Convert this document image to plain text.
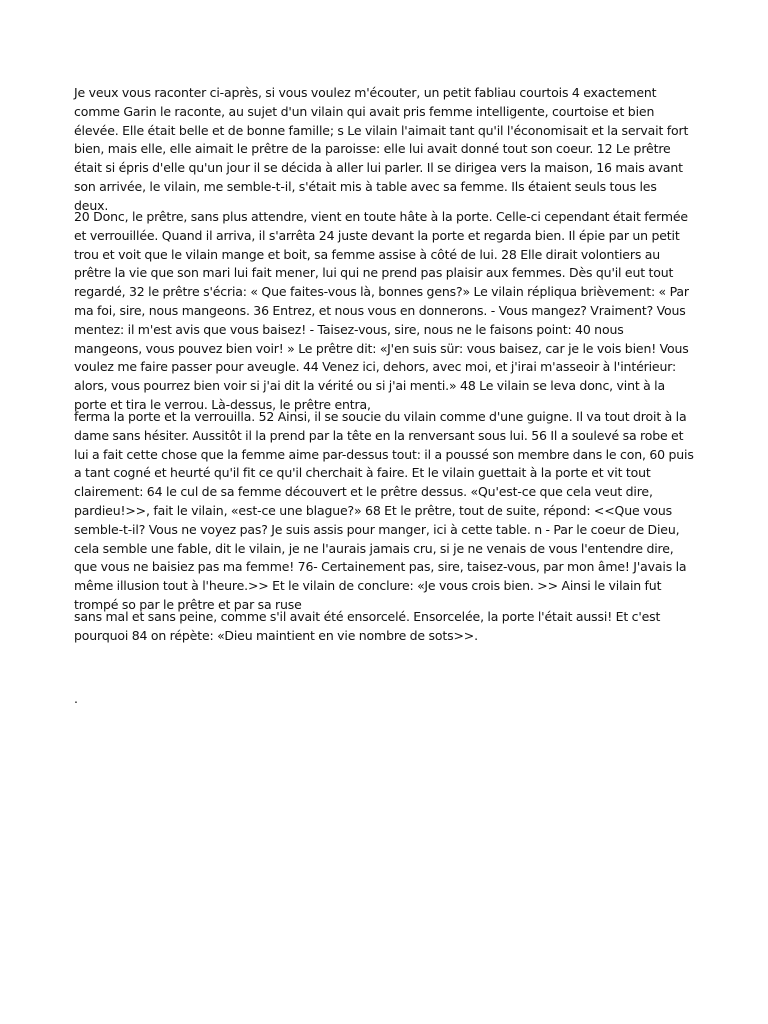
Je veux vous raconter ci-après, si vous voulez m'écouter, un petit fabliau courtois 4 exactement comme Garin le raconte, au sujet d'un vilain qui avait pris femme intelligente, courtoise et bien élevée. Elle était belle et de bonne famille; s Le vilain l'aimait tant qu'il l'économisait et la servait fort bien, mais elle, elle aimait le prêtre de la paroisse: elle lui avait donné tout son coeur. 12 Le prêtre était si épris d'elle qu'un jour il se décida à aller lui parler. Il se dirigea vers la maison, 16 mais avant son arrivée, le vilain, me semble-t-il, s'était mis à table avec sa femme. Ils étaient seuls tous les deux.

20 Donc, le prêtre, sans plus attendre, vient en toute hâte à la porte. Celle-ci cependant était fermée et verrouillée. Quand il arriva, il s'arrêta 24 juste devant la porte et regarda bien. Il épie par un petit trou et voit que le vilain mange et boit, sa femme assise à côté de lui. 28 Elle dirait volontiers au prêtre la vie que son mari lui fait mener, lui qui ne prend pas plaisir aux femmes. Dès qu'il eut tout regardé, 32 le prêtre s'écria: « Que faites-vous là, bonnes gens?» Le vilain répliqua brièvement: « Par ma foi, sire, nous mangeons. 36 Entrez, et nous vous en donnerons. - Vous mangez? Vraiment? Vous mentez: il m'est avis que vous baisez! - Taisez-vous, sire, nous ne le faisons point: 40 nous mangeons, vous pouvez bien voir! » Le prêtre dit: «J'en suis sür: vous baisez, car je le vois bien! Vous voulez me faire passer pour aveugle. 44 Venez ici, dehors, avec moi, et j'irai m'asseoir à l'intérieur: alors, vous pourrez bien voir si j'ai dit la vérité ou si j'ai menti.» 48 Le vilain se leva donc, vint à la porte et tira le verrou. Là-dessus, le prêtre entra,

ferma la porte et la verrouilla. 52 Ainsi, il se soucie du vilain comme d'une guigne. Il va tout droit à la dame sans hésiter. Aussitôt il la prend par la tête en la renversant sous lui. 56 Il a soulevé sa robe et lui a fait cette chose que la femme aime par-dessus tout: il a poussé son membre dans le con, 60 puis a tant cogné et heurté qu'il fit ce qu'il cherchait à faire. Et le vilain guettait à la porte et vit tout clairement: 64 le cul de sa femme découvert et le prêtre dessus. «Qu'est-ce que cela veut dire, pardieu!>>, fait le vilain, «est-ce une blague?» 68 Et le prêtre, tout de suite, répond: <<Que vous semble-t-il? Vous ne voyez pas? Je suis assis pour manger, ici à cette table. n - Par le coeur de Dieu, cela semble une fable, dit le vilain, je ne l'aurais jamais cru, si je ne venais de vous l'entendre dire, que vous ne baisiez pas ma femme! 76- Certainement pas, sire, taisez-vous, par mon âme! J'avais la même illusion tout à l'heure.>> Et le vilain de conclure: «Je vous crois bien. >> Ainsi le vilain fut trompé so par le prêtre et par sa ruse

sans mal et sans peine, comme s'il avait été ensorcelé. Ensorcelée, la porte l'était aussi! Et c'est pourquoi 84 on répète: «Dieu maintient en vie nombre de sots>>.

.
